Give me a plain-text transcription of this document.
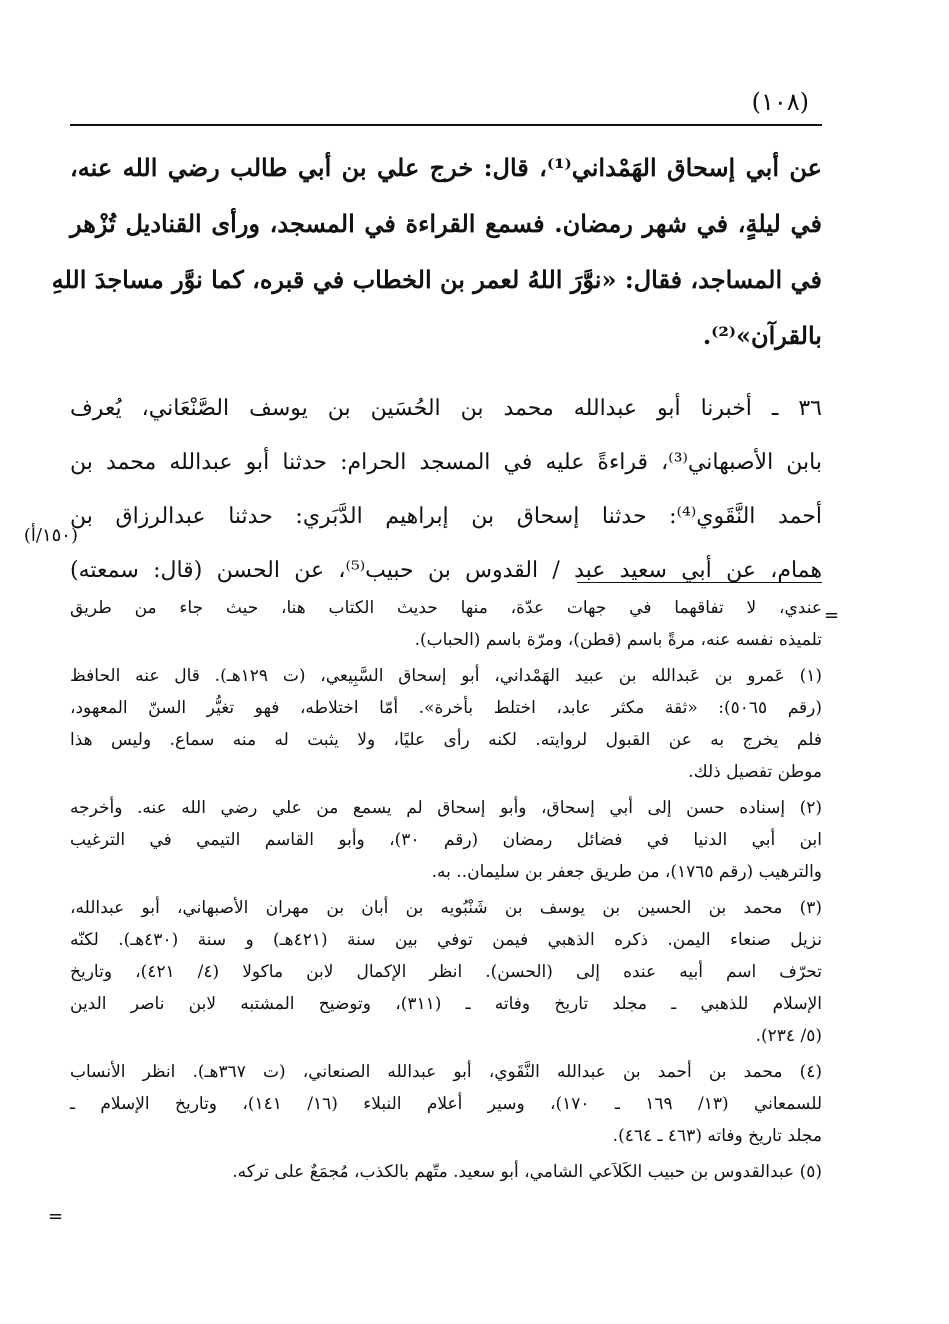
(١٠٨)
عن أبي إسحاق الهَمْداني⁽¹⁾، قال: خرج علي بن أبي طالب رضي الله عنه،
في ليلةٍ، في شهر رمضان. فسمع القراءة في المسجد، ورأى القناديل تُزْهر
في المساجد، فقال: «نوَّرَ اللهُ لعمر بن الخطاب في قبره، كما نوَّر مساجدَ اللهِ
بالقرآن»⁽²⁾.
٣٦ ـ أخبرنا أبو عبدالله محمد بن الحُسَين بن يوسف الصَّنْعَاني، يُعرف
بابن الأصبهاني⁽³⁾، قراءةً عليه في المسجد الحرام: حدثنا أبو عبدالله محمد بن
أحمد النَّقَوي⁽⁴⁾: حدثنا إسحاق بن إبراهيم الدَّبَري: حدثنا عبدالرزاق بن
همام، عن أبي سعيد عبد / القدوس بن حبيب⁽⁵⁾، عن الحسن (قال: سمعته)
(١٥٠/أ)
=
عندي، لا تفاقهما في جهات عدّة، منها حديث الكتاب هنا، حيث جاء من طريق
تلميذه نفسه عنه، مرةً باسم (قطن)، ومرّة باسم (الحباب).
(١) عَمرو بن عَبدالله بن عبيد الهَمْداني، أبو إسحاق السَّبِيعي، (ت ١٢٩هـ). قال عنه الحافظ
(رقم ٥٠٦٥): «ثقة مكثر عابد، اختلط بأخرة». أمّا اختلاطه، فهو تغيُّر السنّ المعهود،
فلم يخرج به عن القبول لروايته. لكنه رأى عليًا، ولا يثبت له منه سماع. وليس هذا
موطن تفصيل ذلك.
(٢) إسناده حسن إلى أبي إسحاق، وأبو إسحاق لم يسمع من علي رضي الله عنه. وأخرجه
ابن أبي الدنيا في فضائل رمضان (رقم ٣٠)، وأبو القاسم التيمي في الترغيب
والترهيب (رقم ١٧٦٥)، من طريق جعفر بن سليمان.. به.
(٣) محمد بن الحسين بن يوسف بن شَنْبُويه بن أبان بن مهران الأصبهاني، أبو عبدالله،
نزيل صنعاء اليمن. ذكره الذهبي فيمن توفي بين سنة (٤٢١هـ) و سنة (٤٣٠هـ). لكنّه
تحرّف اسم أبيه عنده إلى (الحسن). انظر الإكمال لابن ماكولا (٤/ ٤٢١)، وتاريخ
الإسلام للذهبي ـ مجلد تاريخ وفاته ـ (٣١١)، وتوضيح المشتبه لابن ناصر الدين
(٥/ ٢٣٤).
(٤) محمد بن أحمد بن عبدالله النَّقَوي، أبو عبدالله الصنعاني، (ت ٣٦٧هـ). انظر الأنساب
للسمعاني (١٣/ ١٦٩ ـ ١٧٠)، وسير أعلام النبلاء (١٦/ ١٤١)، وتاريخ الإسلام ـ
مجلد تاريخ وفاته (٤٦٣ ـ ٤٦٤).
(٥) عبدالقدوس بن حبيب الكَلاَعي الشامي، أبو سعيد. متّهم بالكذب، مُجمَعٌ على تركه.
=
